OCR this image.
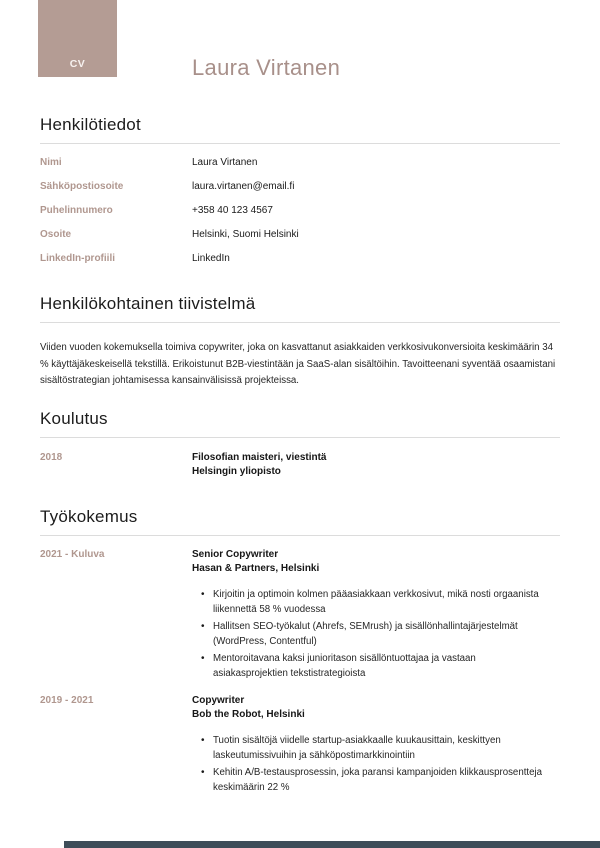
CV	Laura Virtanen
Henkilötiedot
Nimi	Laura Virtanen
Sähköpostiosoite	laura.virtanen@email.fi
Puhelinnumero	+358 40 123 4567
Osoite	Helsinki, Suomi Helsinki
LinkedIn-profiili	LinkedIn
Henkilökohtainen tiivistelmä

Viiden vuoden kokemuksella toimiva copywriter, joka on kasvattanut asiakkaiden verkkosivukonversioita keskimäärin 34 % käyttäjäkeskeisellä tekstillä. Erikoistunut B2B-viestintään ja SaaS-alan sisältöihin. Tavoitteenani syventää osaamistani sisältöstrategian johtamisessa kansainvälisissä projekteissa.

Koulutus
2018	Filosofian maisteri, viestintä
Helsingin yliopisto
Työkokemus
2021 - Kuluva	Senior Copywriter
Hasan & Partners, Helsinki
• Kirjoitin ja optimoin kolmen pääasiakkaan verkkosivut, mikä nosti orgaanista liikennettä 58 % vuodessa
• Hallitsen SEO-työkalut (Ahrefs, SEMrush) ja sisällönhallintajärjestelmät (WordPress, Contentful)
• Mentoroitavana kaksi junioritason sisällöntuottajaa ja vastaan asiakasprojektien tekstistrategioista
2019 - 2021	Copywriter
Bob the Robot, Helsinki
• Tuotin sisältöjä viidelle startup-asiakkaalle kuukausittain, keskittyen laskeutumissivuihin ja sähköpostimarkkinointiin
• Kehitin A/B-testausprosessin, joka paransi kampanjoiden klikkausprosentteja keskimäärin 22 %
